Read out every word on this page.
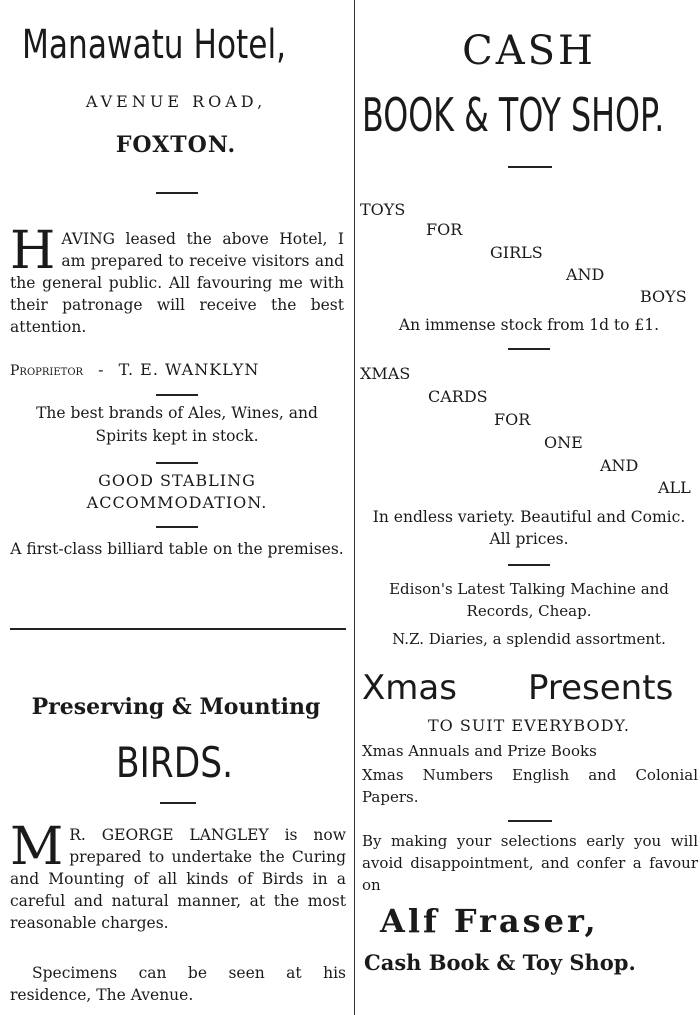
Manawatu Hotel,
AVENUE ROAD,
FOXTON.
HAVING leased the above Hotel, I am prepared to receive visitors and the general public. All favouring me with their patronage will receive the best attention.
Proprietor - T. E. WANKLYN
The best brands of Ales, Wines, and Spirits kept in stock.
GOOD STABLING ACCOMMODATION.
A first-class billiard table on the premises.
Preserving & Mounting
BIRDS.
M R. GEORGE LANGLEY is now prepared to undertake the Curing and Mounting of all kinds of Birds in a careful and natural manner, at the most reasonable charges.
Specimens can be seen at his residence, The Avenue.
CASH
BOOK & TOY SHOP.
TOYS
FOR
GIRLS
AND
BOYS
An immense stock from 1d to £1.
XMAS
CARDS
FOR
ONE
AND
ALL
In endless variety. Beautiful and Comic. All prices.
Edison's Latest Talking Machine and Records, Cheap.
N.Z. Diaries, a splendid assortment.
Xmas Presents
TO SUIT EVERYBODY.
Xmas Annuals and Prize Books
Xmas Numbers English and Colonial Papers.
By making your selections early you will avoid disappointment, and confer a favour on
Alf Fraser,
Cash Book & Toy Shop.
